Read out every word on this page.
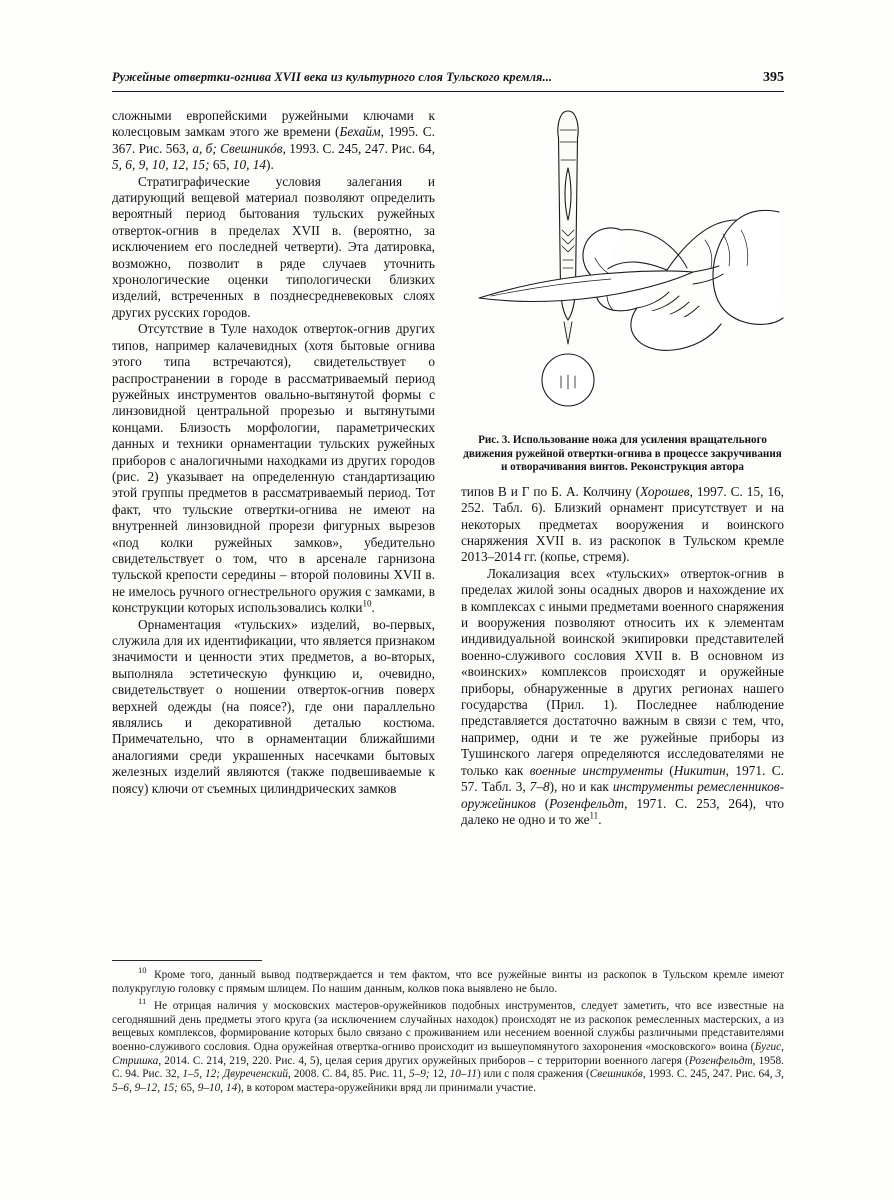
Ружейные отвертки-огнива XVII века из культурного слоя Тульского кремля...	395

сложными европейскими ружейными ключами к колесцовым замкам этого же времени (Бехайм, 1995. С. 367. Рис. 563, а, б; Свешникóв, 1993. С. 245, 247. Рис. 64, 5, 6, 9, 10, 12, 15; 65, 10, 14).

Стратиграфические условия залегания и датирующий вещевой материал позволяют определить вероятный период бытования тульских ружейных отверток-огнив в пределах XVII в. (вероятно, за исключением его последней четверти). Эта датировка, возможно, позволит в ряде случаев уточнить хронологические оценки типологически близких изделий, встреченных в позднесредневековых слоях других русских городов.

Отсутствие в Туле находок отверток-огнив других типов, например калачевидных (хотя бытовые огнива этого типа встречаются), свидетельствует о распространении в городе в рассматриваемый период ружейных инструментов овально-вытянутой формы с линзовидной центральной прорезью и вытянутыми концами. Близость морфологии, параметрических данных и техники орнаментации тульских ружейных приборов с аналогичными находками из других городов (рис. 2) указывает на определенную стандартизацию этой группы предметов в рассматриваемый период. Тот факт, что тульские отвертки-огнива не имеют на внутренней линзовидной прорези фигурных вырезов «под колки ружейных замков», убедительно свидетельствует о том, что в арсенале гарнизона тульской крепости середины – второй половины XVII в. не имелось ручного огнестрельного оружия с замками, в конструкции которых использовались колки$^{10}$.

Орнаментация «тульских» изделий, во-первых, служила для их идентификации, что является признаком значимости и ценности этих предметов, а во-вторых, выполняла эстетическую функцию и, очевидно, свидетельствует о ношении отверток-огнив поверх верхней одежды (на поясе?), где они параллельно являлись и декоративной деталью костюма. Примечательно, что в орнаментации ближайшими аналогиями среди украшенных насечками бытовых железных изделий являются (также подвешиваемые к поясу) ключи от съемных цилиндрических замков

Рис. 3. Использование ножа для усиления вращательного движения ружейной отвертки-огнива в процессе закручивания и отворачивания винтов. Реконструкция автора

типов В и Г по Б. А. Колчину (Хорошев, 1997. С. 15, 16, 252. Табл. 6). Близкий орнамент присутствует и на некоторых предметах вооружения и воинского снаряжения XVII в. из раскопок в Тульском кремле 2013–2014 гг. (копье, стремя).

Локализация всех «тульских» отверток-огнив в пределах жилой зоны осадных дворов и нахождение их в комплексах с иными предметами военного снаряжения и вооружения позволяют относить их к элементам индивидуальной воинской экипировки представителей военно-служивого сословия XVII в. В основном из «воинских» комплексов происходят и оружейные приборы, обнаруженные в других регионах нашего государства (Прил. 1). Последнее наблюдение представляется достаточно важным в связи с тем, что, например, одни и те же ружейные приборы из Тушинского лагеря определяются исследователями не только как военные инструменты (Никитин, 1971. С. 57. Табл. 3, 7–8), но и как инструменты ремесленников-оружейников (Розенфельдт, 1971. С. 253, 264), что далеко не одно и то $же^{11}$.

$^{10}$ Кроме того, данный вывод подтверждается и тем фактом, что все ружейные винты из раскопок в Тульском кремле имеют полукруглую головку с прямым шлицем. По нашим данным, колков пока выявлено не было.

$^{11}$ Не отрицая наличия у московских мастеров-оружейников подобных инструментов, следует заметить, что все известные на сегодняшний день предметы этого круга (за исключением случайных находок) происходят не из раскопок ремесленных мастерских, а из вещевых комплексов, формирование которых было связано с проживанием или несением военной службы различными представителями военно-служивого сословия. Одна оружейная отвертка-огниво происходит из вышеупомянутого захоронения «московского» воина (Бугис, Стришка, 2014. С. 214, 219, 220. Рис. 4, 5), целая серия других оружейных приборов – с территории военного лагеря (Розенфельдт, 1958. С. 94. Рис. 32, 1–5, 12; Двуреченский, 2008. С. 84, 85. Рис. 11, 5–9; 12, 10–11) или с поля сражения (Свешникóв, 1993. С. 245, 247. Рис. 64, 3, 5–6, 9–12, 15; 65, 9–10, 14), в котором мастера-оружейники вряд ли принимали участие.
